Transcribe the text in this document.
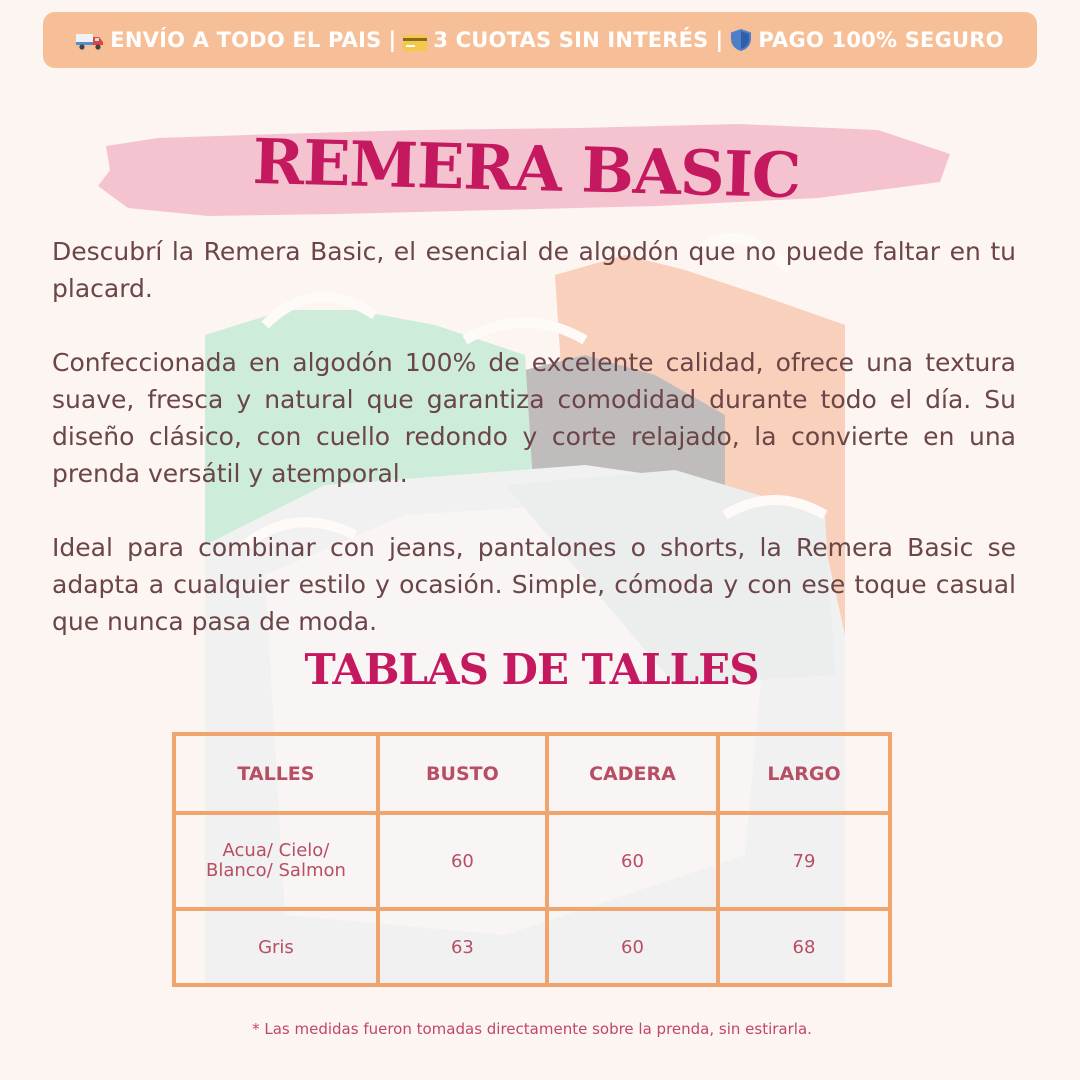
ENVÍO A TODO EL PAIS | 3 CUOTAS SIN INTERÉS | PAGO 100% SEGURO
REMERA BASIC

Descubrí la Remera Basic, el esencial de algodón que no puede faltar en tu placard.

Confeccionada en algodón 100% de excelente calidad, ofrece una textura suave, fresca y natural que garantiza comodidad durante todo el día. Su diseño clásico, con cuello redondo y corte relajado, la convierte en una prenda versátil y atemporal.

Ideal para combinar con jeans, pantalones o shorts, la Remera Basic se adapta a cualquier estilo y ocasión. Simple, cómoda y con ese toque casual que nunca pasa de moda.

TABLAS DE TALLES
TALLES	BUSTO	CADERA	LARGO
Acua/ Cielo/ Blanco/ Salmon	60	60	79
Gris	63	60	68
* Las medidas fueron tomadas directamente sobre la prenda, sin estirarla.
